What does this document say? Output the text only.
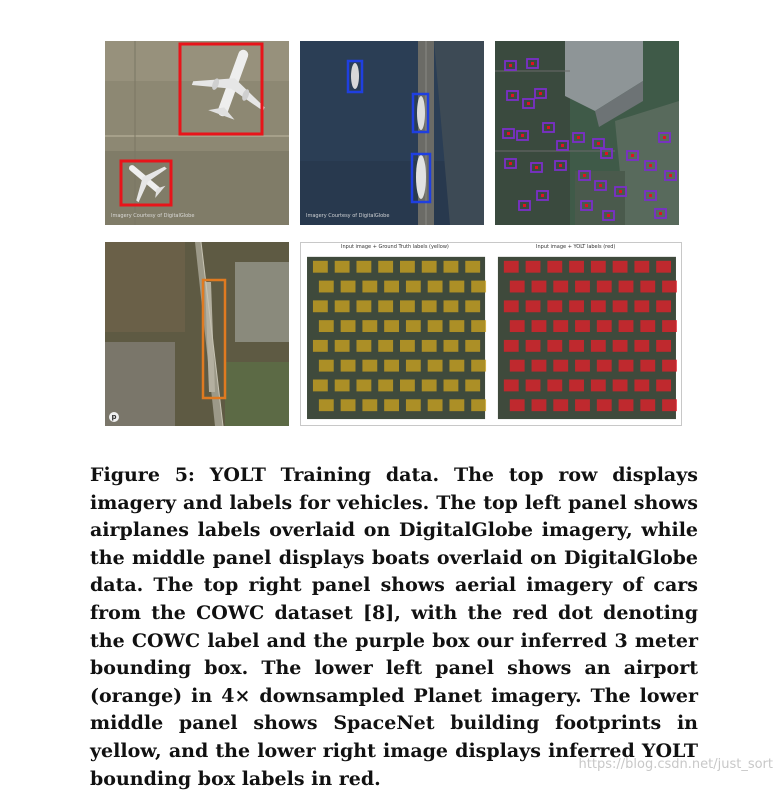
Imagery Courtesy of DigitalGlobe	Imagery Courtesy of DigitalGlobe
p
Input image + Ground Truth labels (yellow)	Input image + YOLT labels (red)
Figure 5: YOLT Training data. The top row displays imagery and labels for vehicles. The top left panel shows airplanes labels overlaid on DigitalGlobe imagery, while the middle panel displays boats overlaid on DigitalGlobe data. The top right panel shows aerial imagery of cars from the COWC dataset [8], with the red dot denoting the COWC label and the purple box our inferred 3 meter bounding box. The lower left panel shows an airport (orange) in 4× downsampled Planet imagery. The lower middle panel shows SpaceNet building footprints in yellow, and the lower right image displays inferred YOLT bounding box labels in red.
https://blog.csdn.net/just_sort
